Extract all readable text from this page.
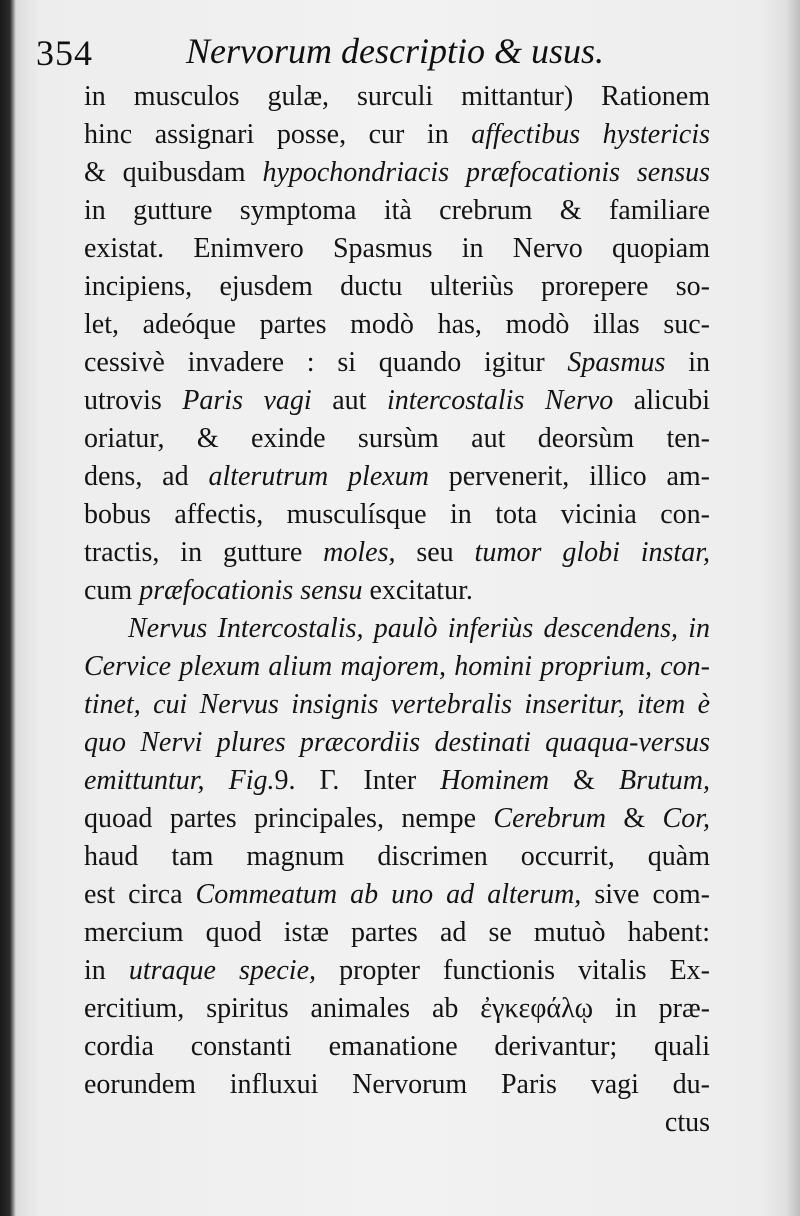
354	Nervorum descriptio & usus.
in musculos gulæ, surculi mittantur) Rationem
hinc assignari posse, cur in affectibus hystericis
& quibusdam hypochondriacis præfocationis sensus
in gutture symptoma ità crebrum & familiare
existat. Enimvero Spasmus in Nervo quopiam
incipiens, ejusdem ductu ulteriùs prorepere so-
let, adeóque partes modò has, modò illas suc-
cessivè invadere : si quando igitur Spasmus in
utrovis Paris vagi aut intercostalis Nervo alicubi
oriatur, & exinde sursùm aut deorsùm ten-
dens, ad alterutrum plexum pervenerit, illico am-
bobus affectis, musculísque in tota vicinia con-
tractis, in gutture moles, seu tumor globi instar,
cum præfocationis sensu excitatur.
Nervus Intercostalis, paulò inferiùs descendens, in
Cervice plexum alium majorem, homini proprium, con-
tinet, cui Nervus insignis vertebralis inseritur, item è
quo Nervi plures præcordiis destinati quaqua-versus
emittuntur, Fig.9. Γ. Inter Hominem & Brutum,
quoad partes principales, nempe Cerebrum & Cor,
haud tam magnum discrimen occurrit, quàm
est circa Commeatum ab uno ad alterum, sive com-
mercium quod istæ partes ad se mutuò habent:
in utraque specie, propter functionis vitalis Ex-
ercitium, spiritus animales ab ἐγκεφάλῳ in præ-
cordia constanti emanatione derivantur; quali
eorundem influxui Nervorum Paris vagi du-
ctus
